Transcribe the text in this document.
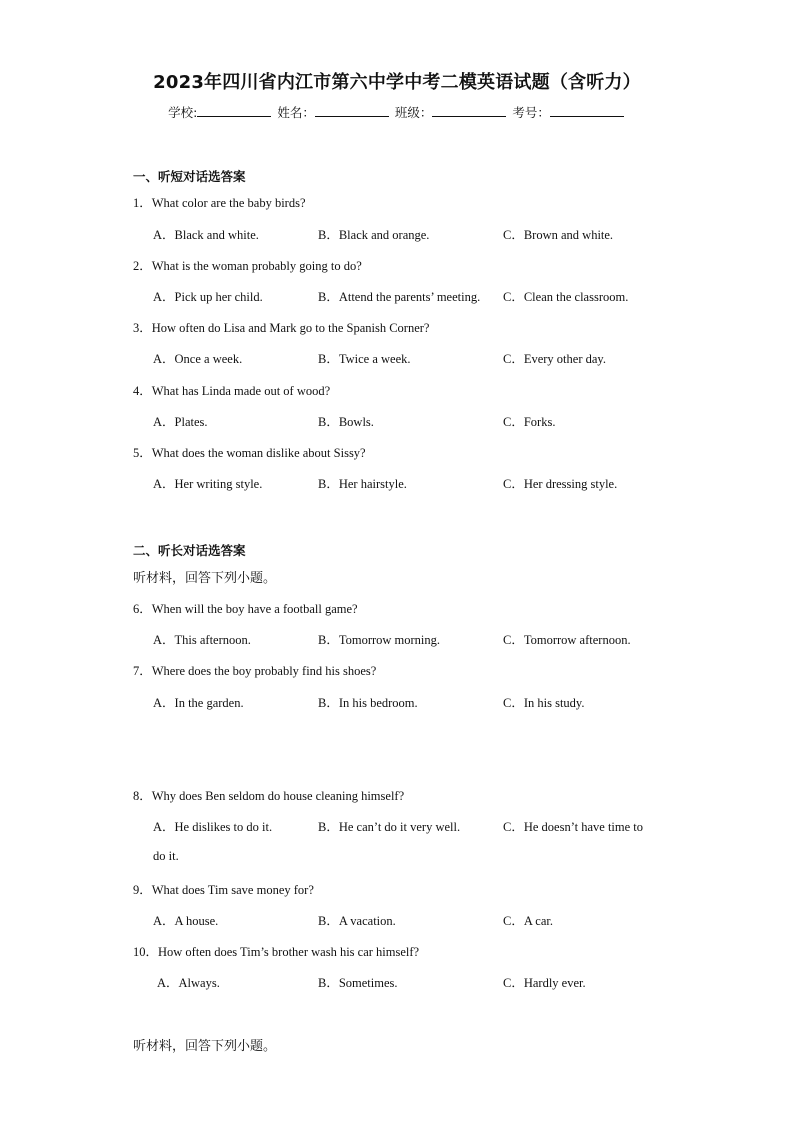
2023年四川省内江市第六中学中考二模英语试题（含听力）
学校:	姓名：	班级：	考号：
一、听短对话选答案
1．What color are the baby birds?
A．Black and white.	B．Black and orange.	C．Brown and white.
2．What is the woman probably going to do?
A．Pick up her child.	B．Attend the parents’ meeting. C．Clean the classroom.
3．How often do Lisa and Mark go to the Spanish Corner?
A．Once a week.	B．Twice a week.	C．Every other day.
4．What has Linda made out of wood?
A．Plates.	B．Bowls.	C．Forks.
5．What does the woman dislike about Sissy?
A．Her writing style.	B．Her hairstyle.	C．Her dressing style.
二、听长对话选答案
听材料，回答下列小题。
6．When will the boy have a football game?
A．This afternoon.	B．Tomorrow morning.	C．Tomorrow afternoon.
7．Where does the boy probably find his shoes?
A．In the garden.	B．In his bedroom.	C．In his study.
8．Why does Ben seldom do house cleaning himself?
A．He dislikes to do it.	B．He can’t do it very well.	C．He doesn’t have time to
do it.
9．What does Tim save money for?
A．A house.	B．A vacation.	C．A car.
10．How often does Tim’s brother wash his car himself?
A．Always.	B．Sometimes.	C．Hardly ever.
听材料，回答下列小题。
